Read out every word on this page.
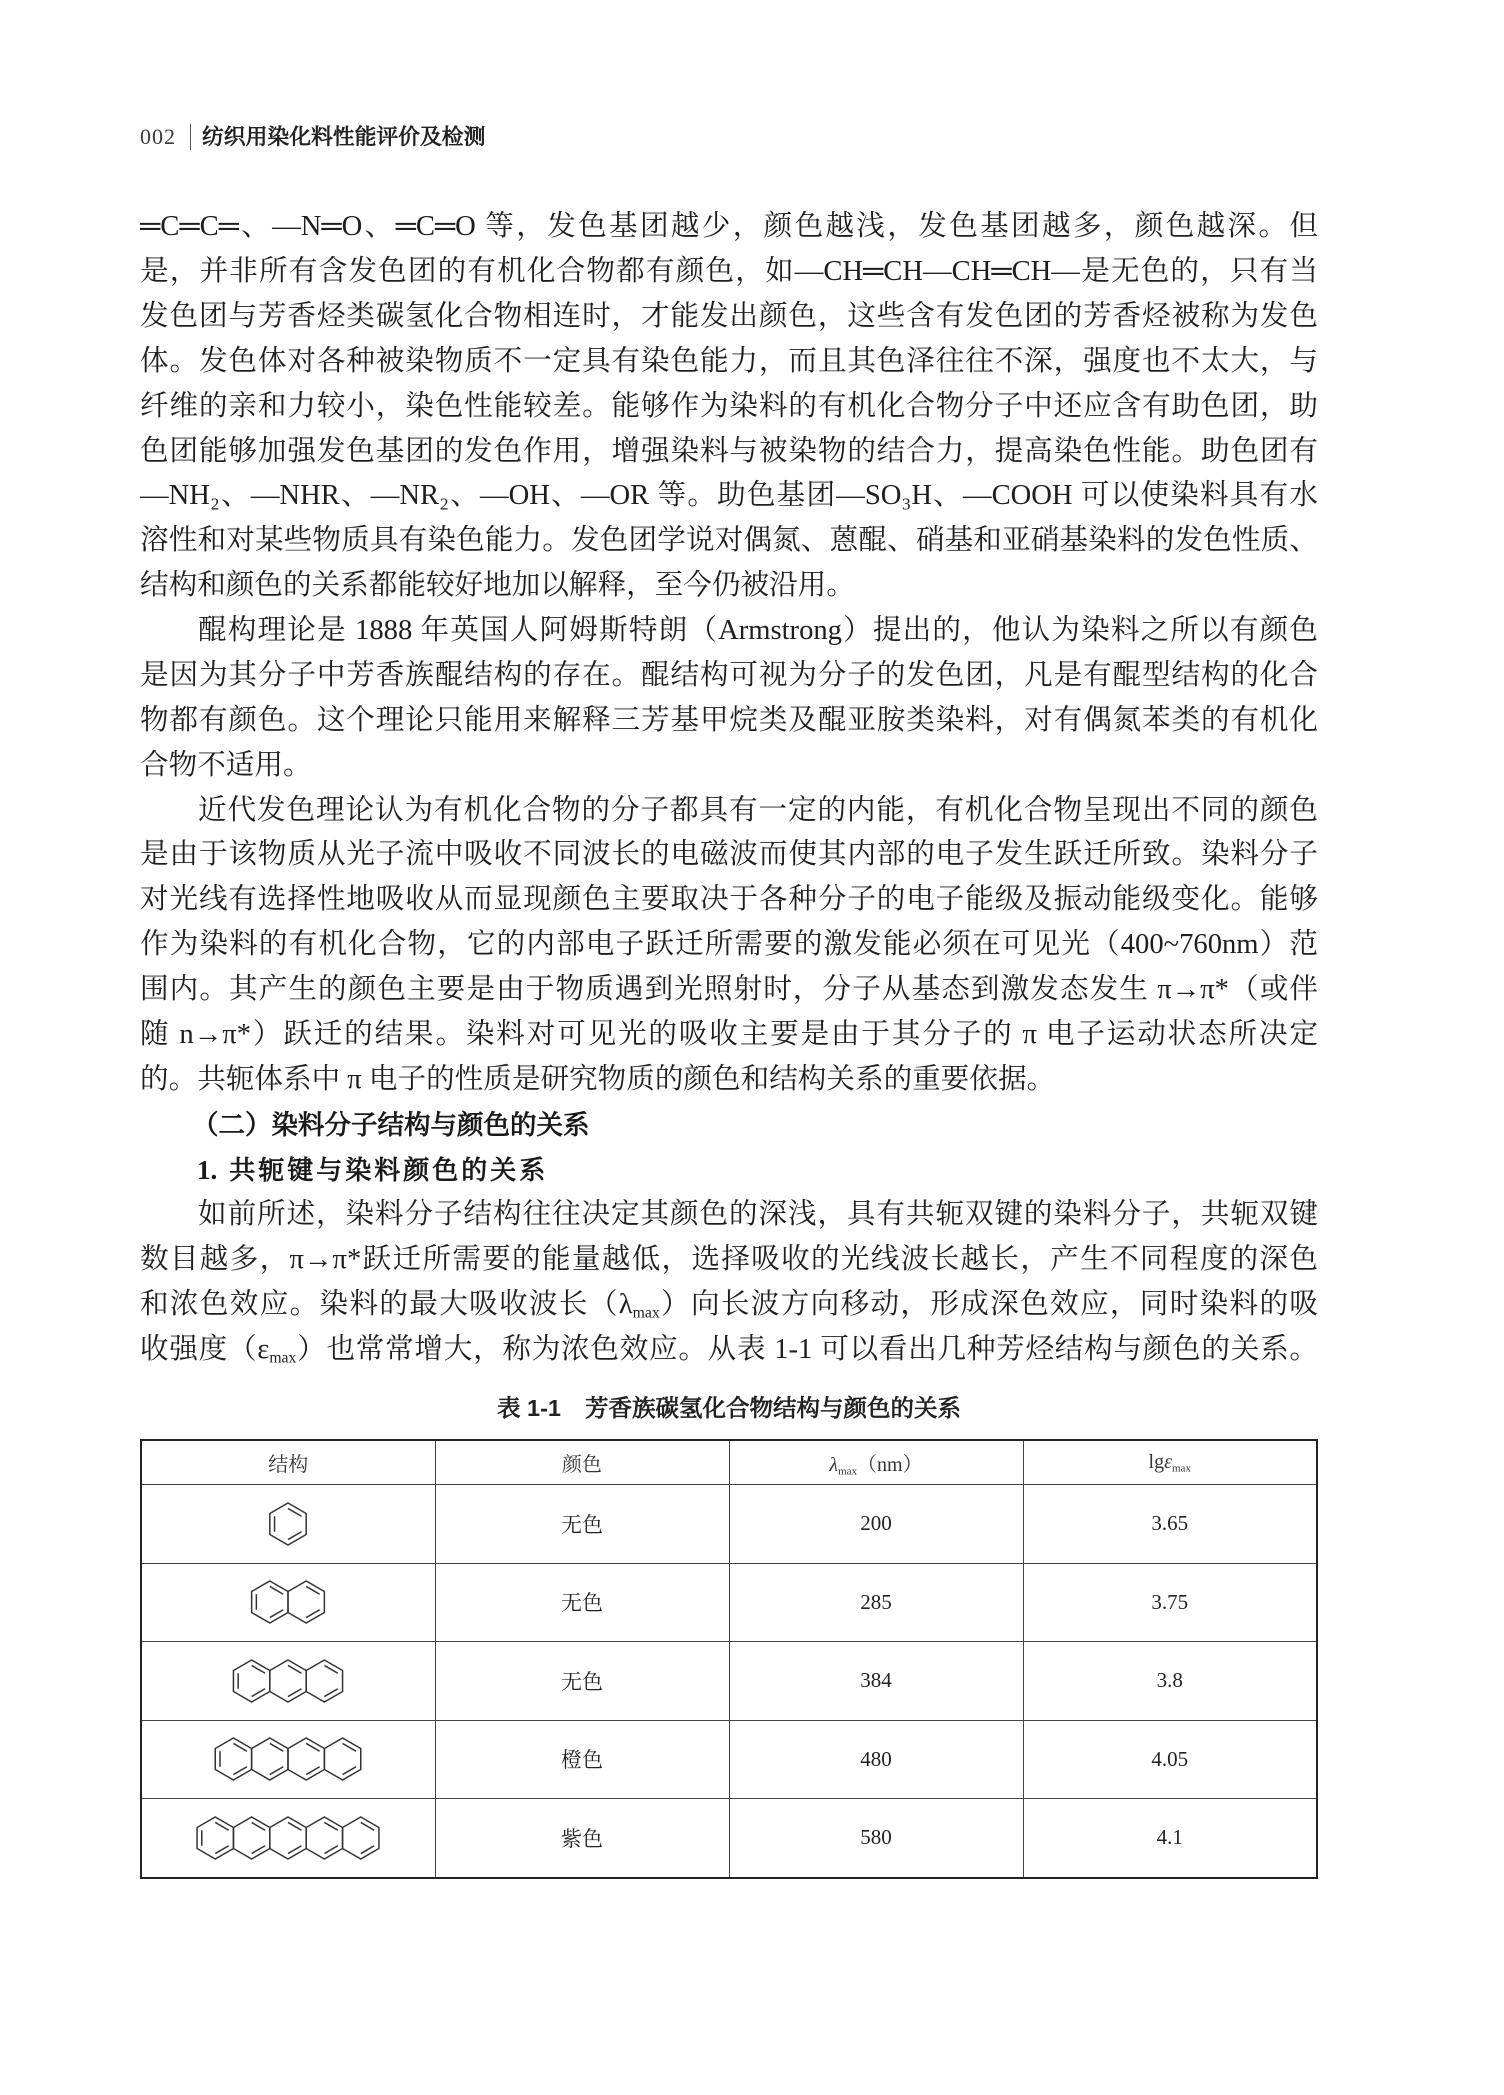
002 纺织用染化料性能评价及检测
═C═C═、—N═O、═C═O 等，发色基团越少，颜色越浅，发色基团越多，颜色越深。但
是，并非所有含发色团的有机化合物都有颜色，如—CH═CH—CH═CH—是无色的，只有当
发色团与芳香烃类碳氢化合物相连时，才能发出颜色，这些含有发色团的芳香烃被称为发色
体。发色体对各种被染物质不一定具有染色能力，而且其色泽往往不深，强度也不太大，与
纤维的亲和力较小，染色性能较差。能够作为染料的有机化合物分子中还应含有助色团，助
色团能够加强发色基团的发色作用，增强染料与被染物的结合力，提高染色性能。助色团有
—NH₂、—NHR、—NR₂、—OH、—OR 等。助色基团—SO₃H、—COOH 可以使染料具有水
溶性和对某些物质具有染色能力。发色团学说对偶氮、蒽醌、硝基和亚硝基染料的发色性质、
结构和颜色的关系都能较好地加以解释，至今仍被沿用。
醌构理论是 1888 年英国人阿姆斯特朗（Armstrong）提出的，他认为染料之所以有颜色
是因为其分子中芳香族醌结构的存在。醌结构可视为分子的发色团，凡是有醌型结构的化合
物都有颜色。这个理论只能用来解释三芳基甲烷类及醌亚胺类染料，对有偶氮苯类的有机化
合物不适用。
近代发色理论认为有机化合物的分子都具有一定的内能，有机化合物呈现出不同的颜色
是由于该物质从光子流中吸收不同波长的电磁波而使其内部的电子发生跃迁所致。染料分子
对光线有选择性地吸收从而显现颜色主要取决于各种分子的电子能级及振动能级变化。能够
作为染料的有机化合物，它的内部电子跃迁所需要的激发能必须在可见光（400~760nm）范
围内。其产生的颜色主要是由于物质遇到光照射时，分子从基态到激发态发生 π→π*（或伴
随 n→π*）跃迁的结果。染料对可见光的吸收主要是由于其分子的 π 电子运动状态所决定
的。共轭体系中 π 电子的性质是研究物质的颜色和结构关系的重要依据。
（二）染料分子结构与颜色的关系
1. 共轭键与染料颜色的关系
如前所述，染料分子结构往往决定其颜色的深浅，具有共轭双键的染料分子，共轭双键
数目越多，π→π*跃迁所需要的能量越低，选择吸收的光线波长越长，产生不同程度的深色
和浓色效应。染料的最大吸收波长$(\lambda_{max})$向长波方向移动，形成深色效应，同时染料的吸
收强度$(\varepsilon_{max})$也常常增大，称为浓色效应。从表 1-1 可以看出几种芳烃结构与颜色的关系。
表 1-1 芳香族碳氢化合物结构与颜色的关系
结构	颜色	$\lambda_{max}(nm)$	lgε$_{max}$

	无色	200	3.65

	无色	285	3.75

	无色	384	3.8

	橙色	480	4.05

	紫色	580	4.1
